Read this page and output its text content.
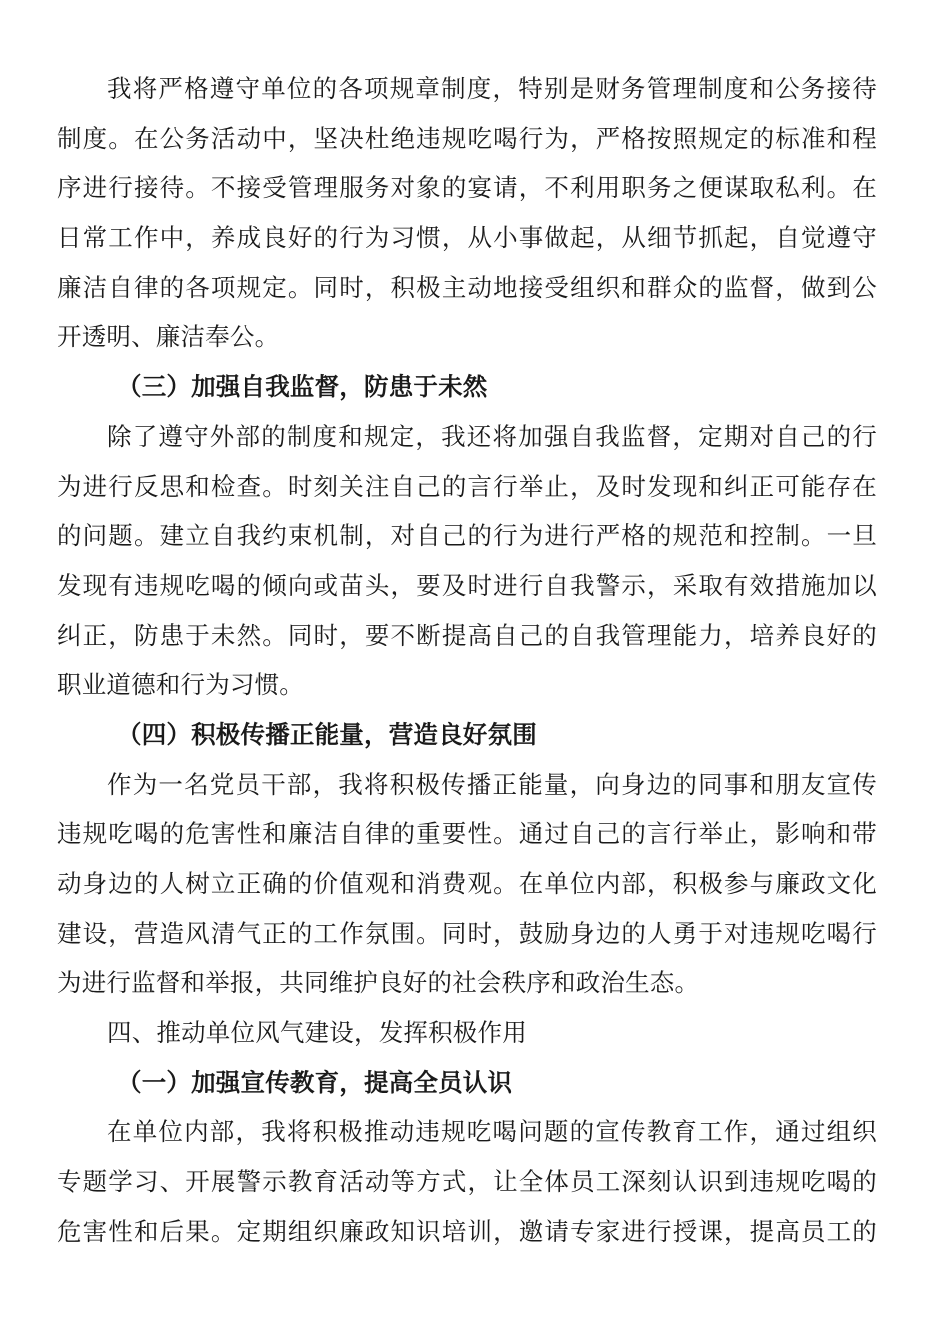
我将严格遵守单位的各项规章制度，特别是财务管理制度和公务接待
制度。在公务活动中，坚决杜绝违规吃喝行为，严格按照规定的标准和程
序进行接待。不接受管理服务对象的宴请，不利用职务之便谋取私利。在
日常工作中，养成良好的行为习惯，从小事做起，从细节抓起，自觉遵守
廉洁自律的各项规定。同时，积极主动地接受组织和群众的监督，做到公
开透明、廉洁奉公。
（三）加强自我监督，防患于未然
除了遵守外部的制度和规定，我还将加强自我监督，定期对自己的行
为进行反思和检查。时刻关注自己的言行举止，及时发现和纠正可能存在
的问题。建立自我约束机制，对自己的行为进行严格的规范和控制。一旦
发现有违规吃喝的倾向或苗头，要及时进行自我警示，采取有效措施加以
纠正，防患于未然。同时，要不断提高自己的自我管理能力，培养良好的
职业道德和行为习惯。
（四）积极传播正能量，营造良好氛围
作为一名党员干部，我将积极传播正能量，向身边的同事和朋友宣传
违规吃喝的危害性和廉洁自律的重要性。通过自己的言行举止，影响和带
动身边的人树立正确的价值观和消费观。在单位内部，积极参与廉政文化
建设，营造风清气正的工作氛围。同时，鼓励身边的人勇于对违规吃喝行
为进行监督和举报，共同维护良好的社会秩序和政治生态。
四、推动单位风气建设，发挥积极作用
（一）加强宣传教育，提高全员认识
在单位内部，我将积极推动违规吃喝问题的宣传教育工作，通过组织
专题学习、开展警示教育活动等方式，让全体员工深刻认识到违规吃喝的
危害性和后果。定期组织廉政知识培训，邀请专家进行授课，提高员工的
